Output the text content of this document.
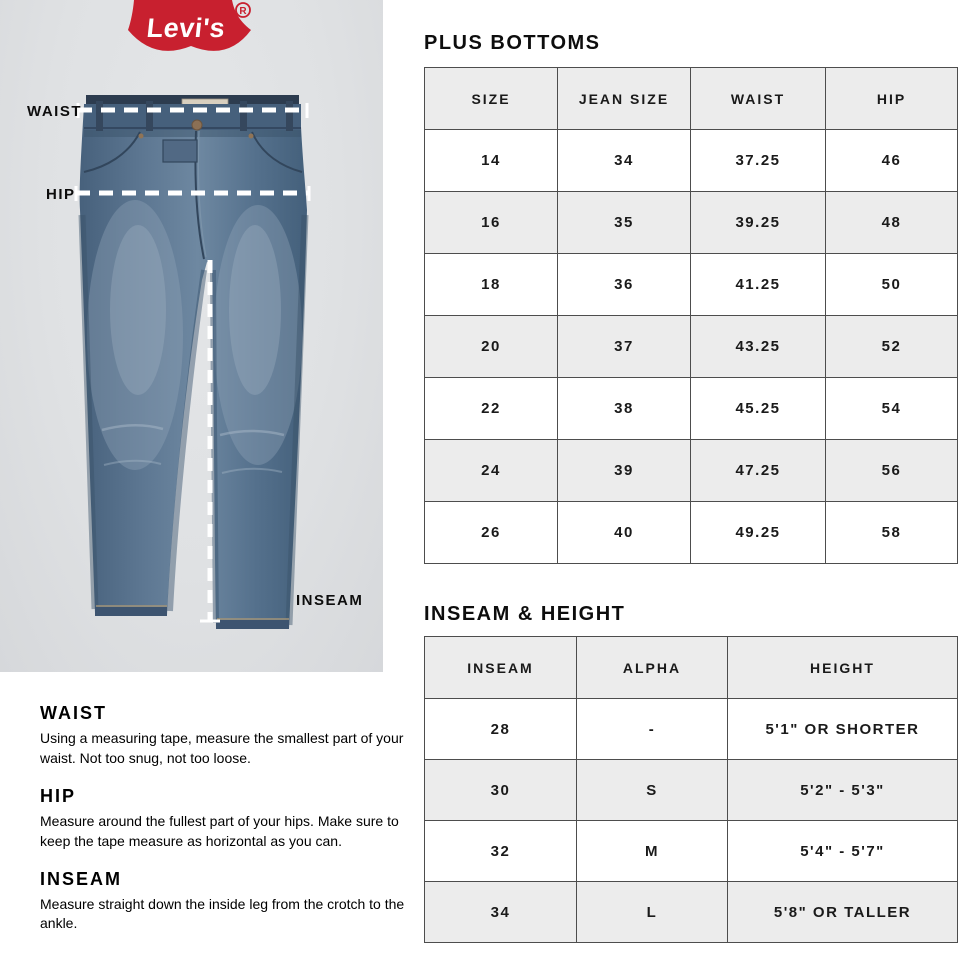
Levi's
R
WAIST
HIP
INSEAM
PLUS BOTTOMS
SIZE	JEAN SIZE	WAIST	HIP
14	34	37.25	46
16	35	39.25	48
18	36	41.25	50
20	37	43.25	52
22	38	45.25	54
24	39	47.25	56
26	40	49.25	58
INSEAM & HEIGHT
INSEAM	ALPHA	HEIGHT
28	-	5'1" OR SHORTER
30	S	5'2" - 5'3"
32	M	5'4" - 5'7"
34	L	5'8" OR TALLER
WAIST
Using a measuring tape, measure the smallest part of your waist. Not too snug, not too loose.
HIP
Measure around the fullest part of your hips. Make sure to keep the tape measure as horizontal as you can.
INSEAM
Measure straight down the inside leg from the crotch to the ankle.
